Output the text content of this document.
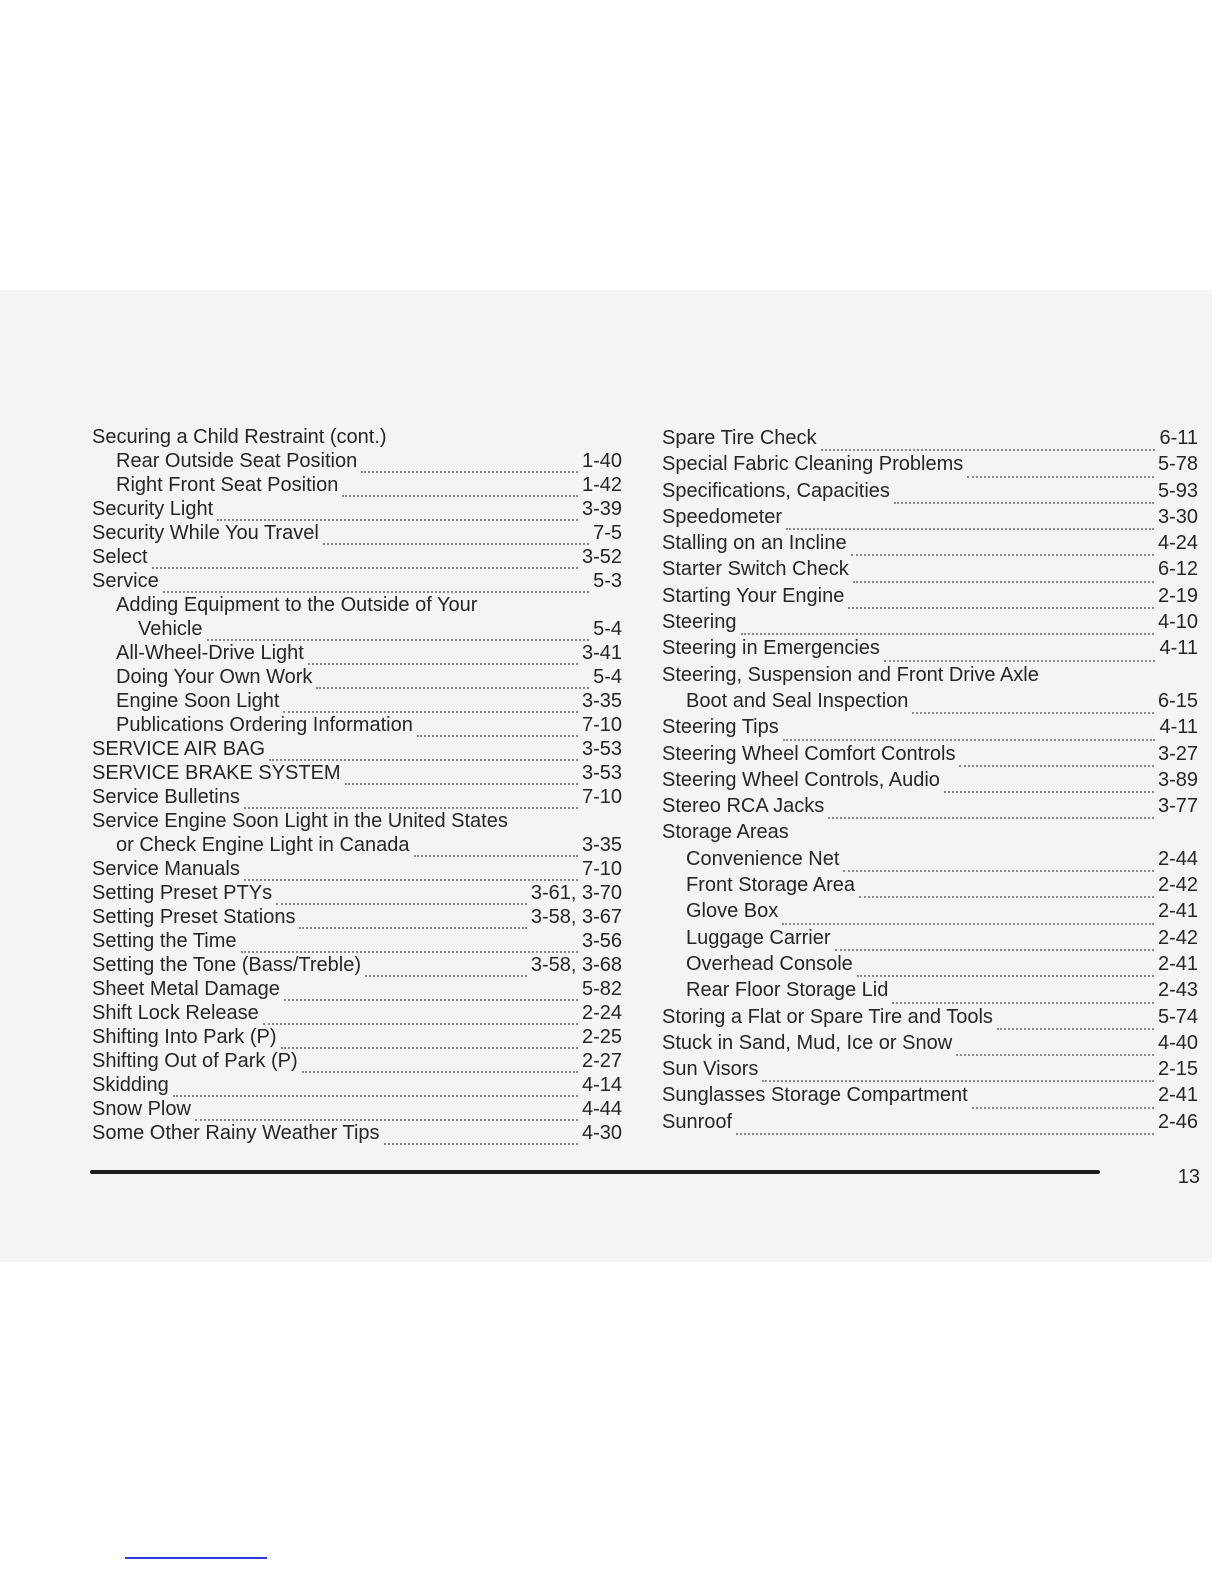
Securing a Child Restraint (cont.)
Rear Outside Seat Position	1-40
Right Front Seat Position	1-42
Security Light	3-39
Security While You Travel	7-5
Select	3-52
Service	5-3
Adding Equipment to the Outside of Your
Vehicle	5-4
All-Wheel-Drive Light	3-41
Doing Your Own Work	5-4
Engine Soon Light	3-35
Publications Ordering Information	7-10
SERVICE AIR BAG	3-53
SERVICE BRAKE SYSTEM	3-53
Service Bulletins	7-10
Service Engine Soon Light in the United States
or Check Engine Light in Canada	3-35
Service Manuals	7-10
Setting Preset PTYs	3-61, 3-70
Setting Preset Stations	3-58, 3-67
Setting the Time	3-56
Setting the Tone (Bass/Treble)	3-58, 3-68
Sheet Metal Damage	5-82
Shift Lock Release	2-24
Shifting Into Park (P)	2-25
Shifting Out of Park (P)	2-27
Skidding	4-14
Snow Plow	4-44
Some Other Rainy Weather Tips	4-30
Spare Tire Check	6-11
Special Fabric Cleaning Problems	5-78
Specifications, Capacities	5-93
Speedometer	3-30
Stalling on an Incline	4-24
Starter Switch Check	6-12
Starting Your Engine	2-19
Steering	4-10
Steering in Emergencies	4-11
Steering, Suspension and Front Drive Axle
Boot and Seal Inspection	6-15
Steering Tips	4-11
Steering Wheel Comfort Controls	3-27
Steering Wheel Controls, Audio	3-89
Stereo RCA Jacks	3-77
Storage Areas
Convenience Net	2-44
Front Storage Area	2-42
Glove Box	2-41
Luggage Carrier	2-42
Overhead Console	2-41
Rear Floor Storage Lid	2-43
Storing a Flat or Spare Tire and Tools	5-74
Stuck in Sand, Mud, Ice or Snow	4-40
Sun Visors	2-15
Sunglasses Storage Compartment	2-41
Sunroof	2-46
13
